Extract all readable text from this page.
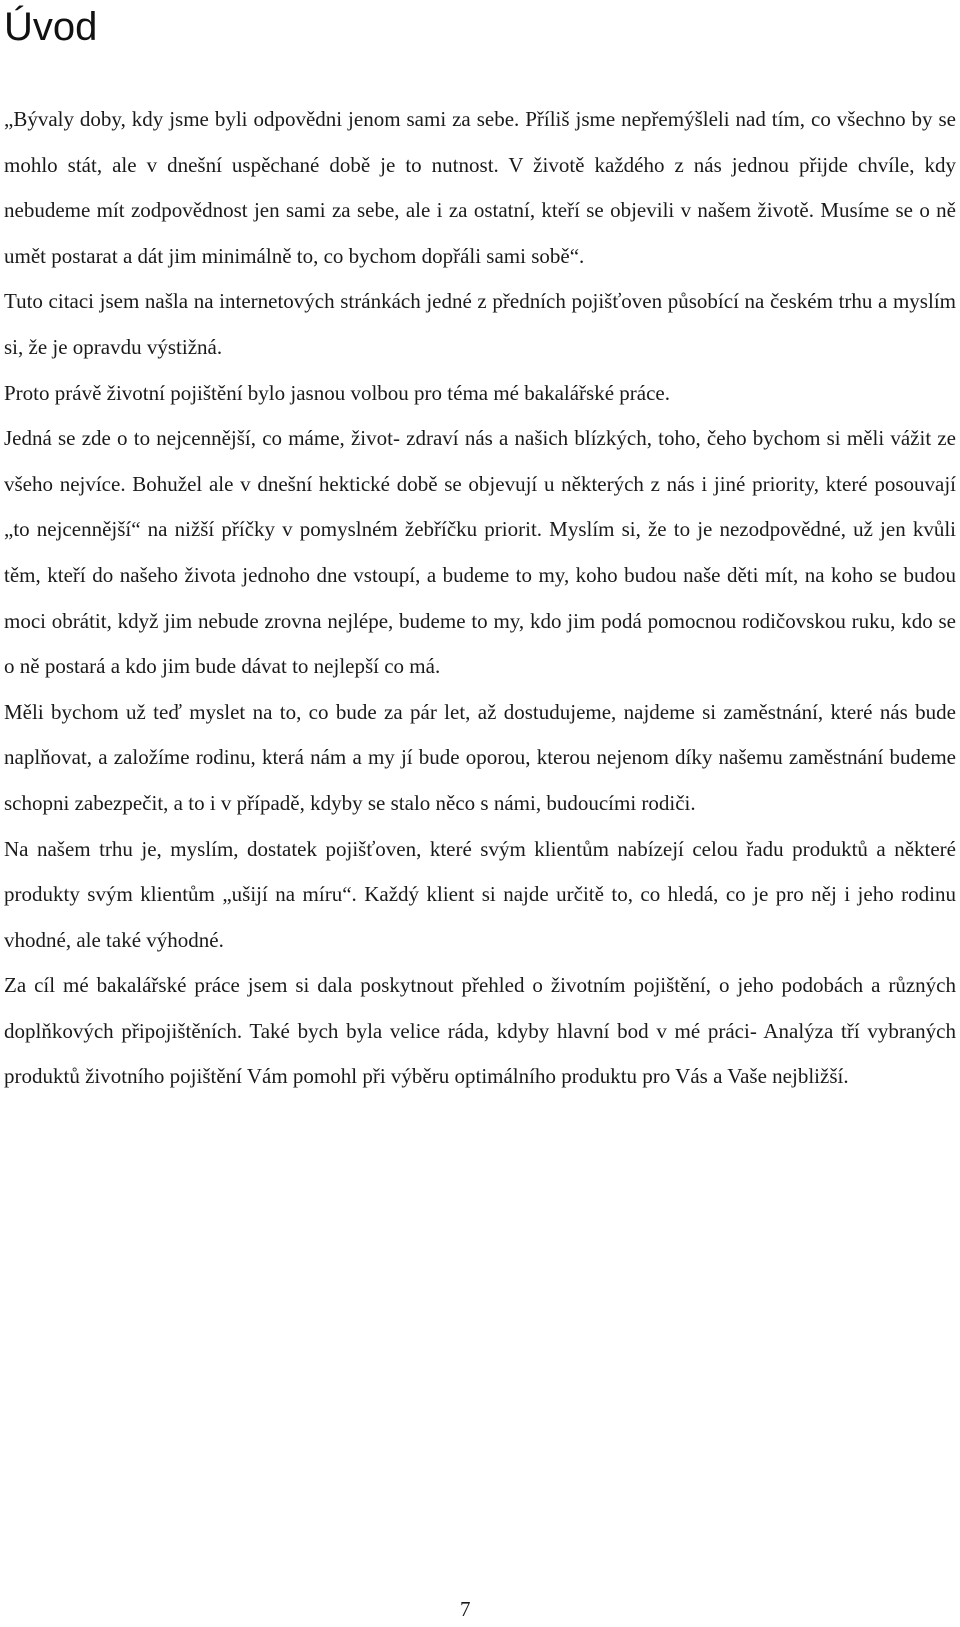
Úvod

„Bývaly doby, kdy jsme byli odpovědni jenom sami za sebe. Příliš jsme nepřemýšleli nad tím, co všechno by se mohlo stát, ale v dnešní uspěchané době je to nutnost. V životě každého z nás jednou přijde chvíle, kdy nebudeme mít zodpovědnost jen sami za sebe, ale i za ostatní, kteří se objevili v našem životě. Musíme se o ně umět postarat a dát jim minimálně to, co bychom dopřáli sami sobě“.

Tuto citaci jsem našla na internetových stránkách jedné z předních pojišťoven působící na českém trhu a myslím si, že je opravdu výstižná.

Proto právě životní pojištění bylo jasnou volbou pro téma mé bakalářské práce.

Jedná se zde o to nejcennější, co máme, život- zdraví nás a našich blízkých, toho, čeho bychom si měli vážit ze všeho nejvíce. Bohužel ale v dnešní hektické době se objevují u některých z nás i jiné priority, které posouvají „to nejcennější“ na nižší příčky v pomyslném žebříčku priorit. Myslím si, že to je nezodpovědné, už jen kvůli těm, kteří do našeho života jednoho dne vstoupí, a budeme to my, koho budou naše děti mít, na koho se budou moci obrátit, když jim nebude zrovna nejlépe, budeme to my, kdo jim podá pomocnou rodičovskou ruku, kdo se o ně postará a kdo jim bude dávat to nejlepší co má.

Měli bychom už teď myslet na to, co bude za pár let, až dostudujeme, najdeme si zaměstnání, které nás bude naplňovat, a založíme rodinu, která nám a my jí bude oporou, kterou nejenom díky našemu zaměstnání budeme schopni zabezpečit, a to i v případě, kdyby se stalo něco s námi, budoucími rodiči.

Na našem trhu je, myslím, dostatek pojišťoven, které svým klientům nabízejí celou řadu produktů a některé produkty svým klientům „ušijí na míru“. Každý klient si najde určitě to, co hledá, co je pro něj i jeho rodinu vhodné, ale také výhodné.

Za cíl mé bakalářské práce jsem si dala poskytnout přehled o životním pojištění, o jeho podobách a různých doplňkových připojištěních. Také bych byla velice ráda, kdyby hlavní bod v mé práci- Analýza tří vybraných produktů životního pojištění Vám pomohl při výběru optimálního produktu pro Vás a Vaše nejbližší.

7
